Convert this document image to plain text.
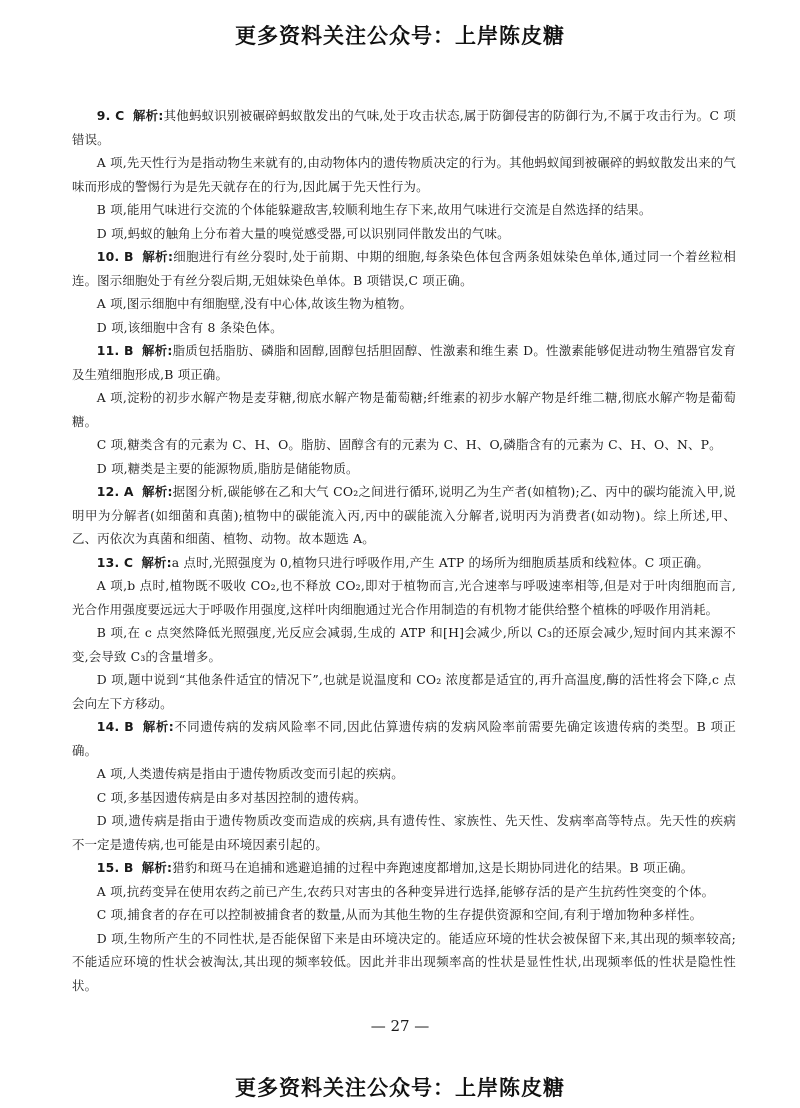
更多资料关注公众号：上岸陈皮糖

9. C 解析:其他蚂蚁识别被碾碎蚂蚁散发出的气味,处于攻击状态,属于防御侵害的防御行为,不属于攻击行为。C 项错误。

A 项,先天性行为是指动物生来就有的,由动物体内的遗传物质决定的行为。其他蚂蚁闻到被碾碎的蚂蚁散发出来的气味而形成的警惕行为是先天就存在的行为,因此属于先天性行为。

B 项,能用气味进行交流的个体能躲避敌害,较顺利地生存下来,故用气味进行交流是自然选择的结果。

D 项,蚂蚁的触角上分布着大量的嗅觉感受器,可以识别同伴散发出的气味。

10. B 解析:细胞进行有丝分裂时,处于前期、中期的细胞,每条染色体包含两条姐妹染色单体,通过同一个着丝粒相连。图示细胞处于有丝分裂后期,无姐妹染色单体。B 项错误,C 项正确。

A 项,图示细胞中有细胞壁,没有中心体,故该生物为植物。

D 项,该细胞中含有 8 条染色体。

11. B 解析:脂质包括脂肪、磷脂和固醇,固醇包括胆固醇、性激素和维生素 D。性激素能够促进动物生殖器官发育及生殖细胞形成,B 项正确。

A 项,淀粉的初步水解产物是麦芽糖,彻底水解产物是葡萄糖;纤维素的初步水解产物是纤维二糖,彻底水解产物是葡萄糖。

C 项,糖类含有的元素为 C、H、O。脂肪、固醇含有的元素为 C、H、O,磷脂含有的元素为 C、H、O、N、P。

D 项,糖类是主要的能源物质,脂肪是储能物质。

12. A 解析:据图分析,碳能够在乙和大气 CO₂之间进行循环,说明乙为生产者(如植物);乙、丙中的碳均能流入甲,说明甲为分解者(如细菌和真菌);植物中的碳能流入丙,丙中的碳能流入分解者,说明丙为消费者(如动物)。综上所述,甲、乙、丙依次为真菌和细菌、植物、动物。故本题选 A。

13. C 解析:a 点时,光照强度为 0,植物只进行呼吸作用,产生 ATP 的场所为细胞质基质和线粒体。C 项正确。

A 项,b 点时,植物既不吸收 CO₂,也不释放 CO₂,即对于植物而言,光合速率与呼吸速率相等,但是对于叶肉细胞而言,光合作用强度要远远大于呼吸作用强度,这样叶肉细胞通过光合作用制造的有机物才能供给整个植株的呼吸作用消耗。

B 项,在 c 点突然降低光照强度,光反应会减弱,生成的 ATP 和[H]会减少,所以 C₃的还原会减少,短时间内其来源不变,会导致 C₃的含量增多。

D 项,题中说到“其他条件适宜的情况下”,也就是说温度和 CO₂ 浓度都是适宜的,再升高温度,酶的活性将会下降,c 点会向左下方移动。

14. B 解析:不同遗传病的发病风险率不同,因此估算遗传病的发病风险率前需要先确定该遗传病的类型。B 项正确。

A 项,人类遗传病是指由于遗传物质改变而引起的疾病。

C 项,多基因遗传病是由多对基因控制的遗传病。

D 项,遗传病是指由于遗传物质改变而造成的疾病,具有遗传性、家族性、先天性、发病率高等特点。先天性的疾病不一定是遗传病,也可能是由环境因素引起的。

15. B 解析:猎豹和斑马在追捕和逃避追捕的过程中奔跑速度都增加,这是长期协同进化的结果。B 项正确。

A 项,抗药变异在使用农药之前已产生,农药只对害虫的各种变异进行选择,能够存活的是产生抗药性突变的个体。

C 项,捕食者的存在可以控制被捕食者的数量,从而为其他生物的生存提供资源和空间,有利于增加物种多样性。

D 项,生物所产生的不同性状,是否能保留下来是由环境决定的。能适应环境的性状会被保留下来,其出现的频率较高;不能适应环境的性状会被淘汰,其出现的频率较低。因此并非出现频率高的性状是显性性状,出现频率低的性状是隐性性状。

— 27 —
更多资料关注公众号：上岸陈皮糖
